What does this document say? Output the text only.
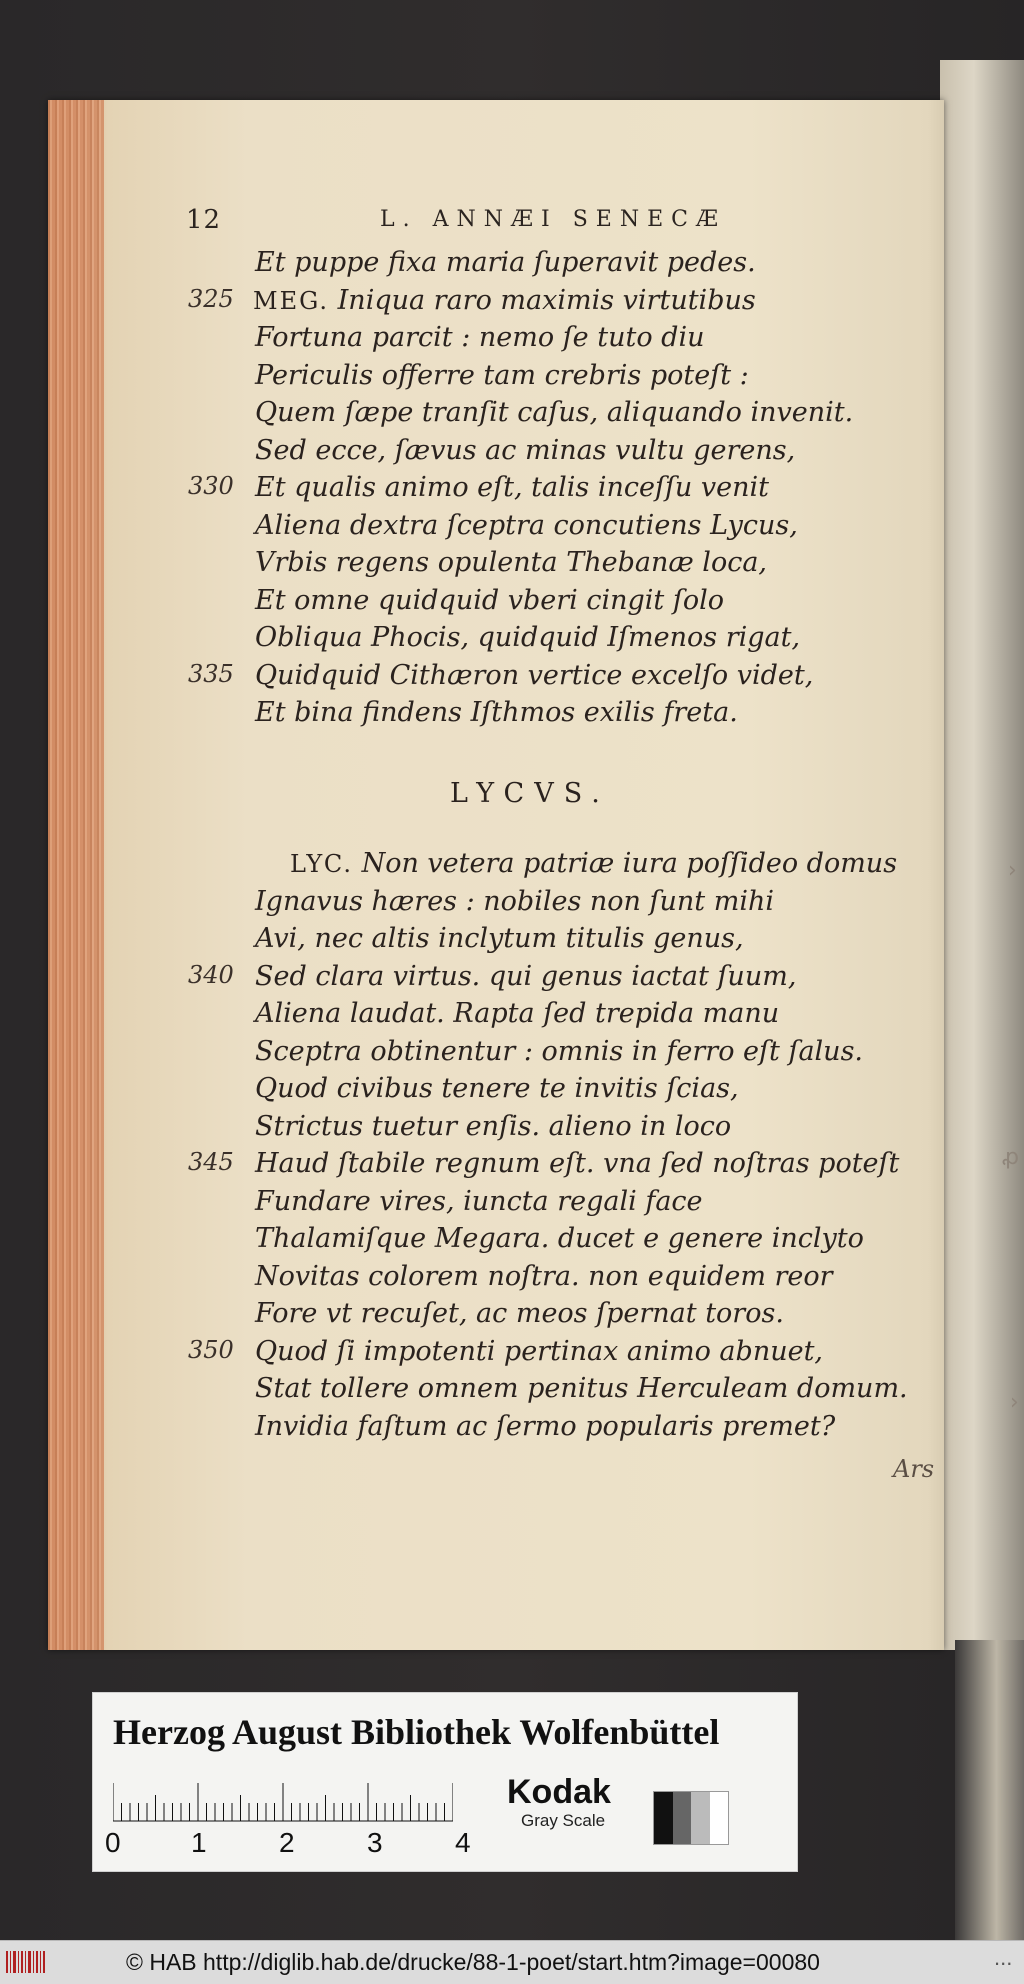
12	L. ANNÆI SENECÆ
Et puppe fixa maria ſuperavit pedes.
325 MEG. Iniqua raro maximis virtutibus
Fortuna parcit : nemo ſe tuto diu
Periculis offerre tam crebris poteſt :
Quem ſæpe tranſit caſus, aliquando invenit.
Sed ecce, ſævus ac minas vultu gerens,
330 Et qualis animo eſt, talis inceſſu venit
Aliena dextra ſceptra concutiens Lycus,
Vrbis regens opulenta Thebanæ loca,
Et omne quidquid vberi cingit ſolo
Obliqua Phocis, quidquid Iſmenos rigat,
335 Quidquid Cithæron vertice excelſo videt,
Et bina findens Iſthmos exilis freta.
LYCVS.
LYC. Non vetera patriæ iura poſſideo domus
Ignavus hæres : nobiles non ſunt mihi
Avi, nec altis inclytum titulis genus,
340 Sed clara virtus. qui genus iactat ſuum,
Aliena laudat. Rapta ſed trepida manu
Sceptra obtinentur : omnis in ferro eſt ſalus.
Quod civibus tenere te invitis ſcias,
Strictus tuetur enſis. alieno in loco
345 Haud ſtabile regnum eſt. vna ſed noſtras poteſt
Fundare vires, iuncta regali face
Thalamiſque Megara. ducet e genere inclyto
Novitas colorem noſtra. non equidem reor
Fore vt recuſet, ac meos ſpernat toros.
350 Quod ſi impotenti pertinax animo abnuet,
Stat tollere omnem penitus Herculeam domum.
Invidia faſtum ac ſermo popularis premet?
›
ꝓ
›
Ars
Herzog August Bibliothek Wolfenbüttel
0	1	2	3	4
Kodak
Gray Scale
© HAB http://diglib.hab.de/drucke/88-1-poet/start.htm?image=00080	...
